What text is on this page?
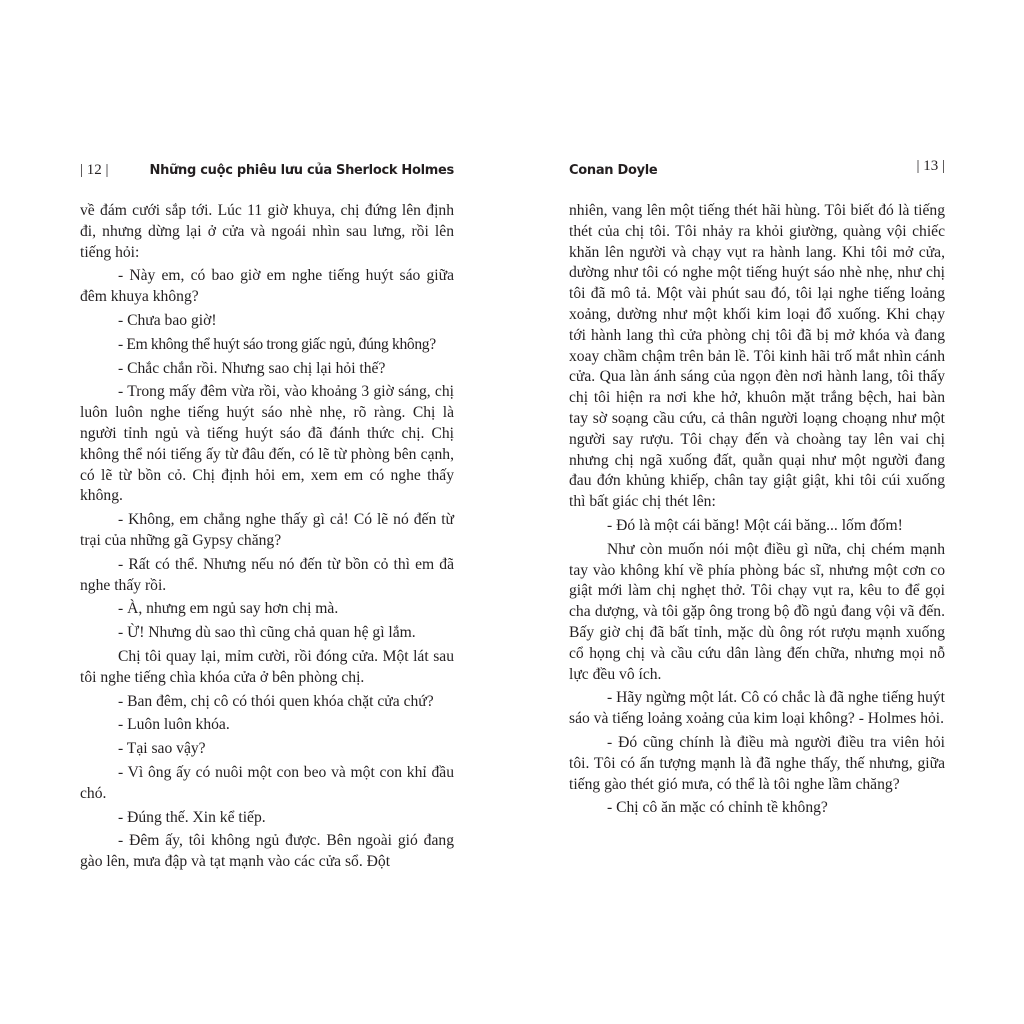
| 12 |	Những cuộc phiêu lưu của Sherlock Holmes

về đám cưới sắp tới. Lúc 11 giờ khuya, chị đứng lên định đi, nhưng dừng lại ở cửa và ngoái nhìn sau lưng, rồi lên tiếng hỏi:

- Này em, có bao giờ em nghe tiếng huýt sáo giữa đêm khuya không?

- Chưa bao giờ!

- Em không thể huýt sáo trong giấc ngủ, đúng không?

- Chắc chắn rồi. Nhưng sao chị lại hỏi thế?

- Trong mấy đêm vừa rồi, vào khoảng 3 giờ sáng, chị luôn luôn nghe tiếng huýt sáo nhè nhẹ, rõ ràng. Chị là người tỉnh ngủ và tiếng huýt sáo đã đánh thức chị. Chị không thể nói tiếng ấy từ đâu đến, có lẽ từ phòng bên cạnh, có lẽ từ bồn cỏ. Chị định hỏi em, xem em có nghe thấy không.

- Không, em chẳng nghe thấy gì cả! Có lẽ nó đến từ trại của những gã Gypsy chăng?

- Rất có thể. Nhưng nếu nó đến từ bồn cỏ thì em đã nghe thấy rồi.

- À, nhưng em ngủ say hơn chị mà.

- Ừ! Nhưng dù sao thì cũng chả quan hệ gì lắm.

Chị tôi quay lại, mỉm cười, rồi đóng cửa. Một lát sau tôi nghe tiếng chìa khóa cửa ở bên phòng chị.

- Ban đêm, chị cô có thói quen khóa chặt cửa chứ?

- Luôn luôn khóa.

- Tại sao vậy?

- Vì ông ấy có nuôi một con beo và một con khỉ đầu chó.

- Đúng thế. Xin kể tiếp.

- Đêm ấy, tôi không ngủ được. Bên ngoài gió đang gào lên, mưa đập và tạt mạnh vào các cửa sổ. Đột

Conan Doyle	| 13 |

nhiên, vang lên một tiếng thét hãi hùng. Tôi biết đó là tiếng thét của chị tôi. Tôi nhảy ra khỏi giường, quàng vội chiếc khăn lên người và chạy vụt ra hành lang. Khi tôi mở cửa, dường như tôi có nghe một tiếng huýt sáo nhè nhẹ, như chị tôi đã mô tả. Một vài phút sau đó, tôi lại nghe tiếng loảng xoảng, dường như một khối kim loại đổ xuống. Khi chạy tới hành lang thì cửa phòng chị tôi đã bị mở khóa và đang xoay chầm chậm trên bản lề. Tôi kinh hãi trố mắt nhìn cánh cửa. Qua làn ánh sáng của ngọn đèn nơi hành lang, tôi thấy chị tôi hiện ra nơi khe hở, khuôn mặt trắng bệch, hai bàn tay sờ soạng cầu cứu, cả thân người loạng choạng như một người say rượu. Tôi chạy đến và choàng tay lên vai chị nhưng chị ngã xuống đất, quằn quại như một người đang đau đớn khủng khiếp, chân tay giật giật, khi tôi cúi xuống thì bất giác chị thét lên:

- Đó là một cái băng! Một cái băng... lốm đốm!

Như còn muốn nói một điều gì nữa, chị chém mạnh tay vào không khí về phía phòng bác sĩ, nhưng một cơn co giật mới làm chị nghẹt thở. Tôi chạy vụt ra, kêu to để gọi cha dượng, và tôi gặp ông trong bộ đồ ngủ đang vội vã đến. Bấy giờ chị đã bất tỉnh, mặc dù ông rót rượu mạnh xuống cổ họng chị và cầu cứu dân làng đến chữa, nhưng mọi nỗ lực đều vô ích.

- Hãy ngừng một lát. Cô có chắc là đã nghe tiếng huýt sáo và tiếng loảng xoảng của kim loại không? - Holmes hỏi.

- Đó cũng chính là điều mà người điều tra viên hỏi tôi. Tôi có ấn tượng mạnh là đã nghe thấy, thế nhưng, giữa tiếng gào thét gió mưa, có thể là tôi nghe lầm chăng?

- Chị cô ăn mặc có chỉnh tề không?
